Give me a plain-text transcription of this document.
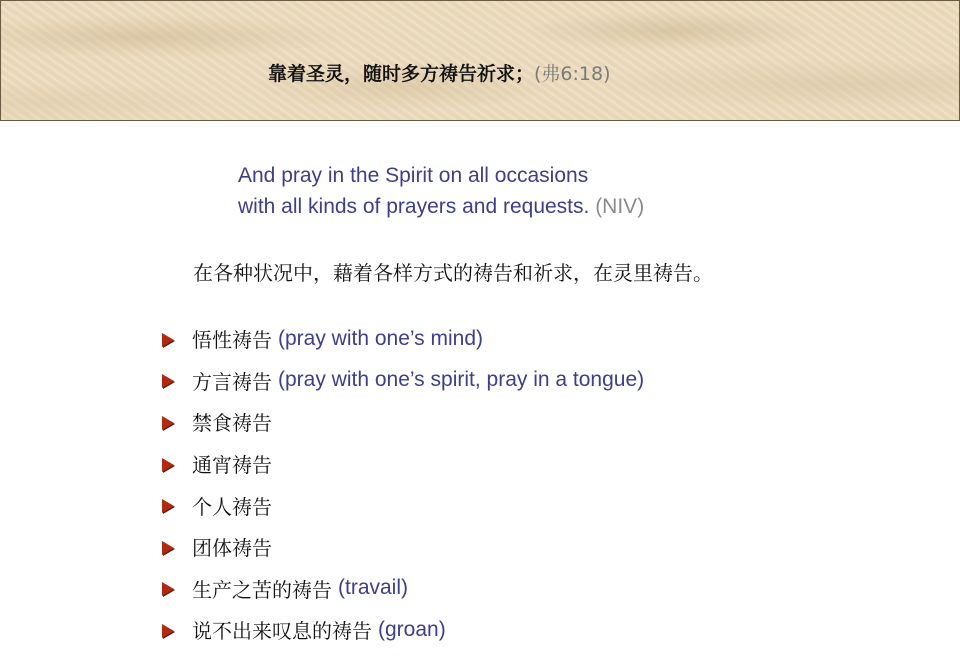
靠着圣灵，随时多方祷告祈求；(弗6:18)
And pray in the Spirit on all occasions
with all kinds of prayers and requests. (NIV)
在各种状况中，藉着各样方式的祷告和祈求，在灵里祷告。
悟性祷告 (pray with one’s mind)
方言祷告 (pray with one’s spirit, pray in a tongue)
禁食祷告
通宵祷告
个人祷告
团体祷告
生产之苦的祷告 (travail)
说不出来叹息的祷告 (groan)
